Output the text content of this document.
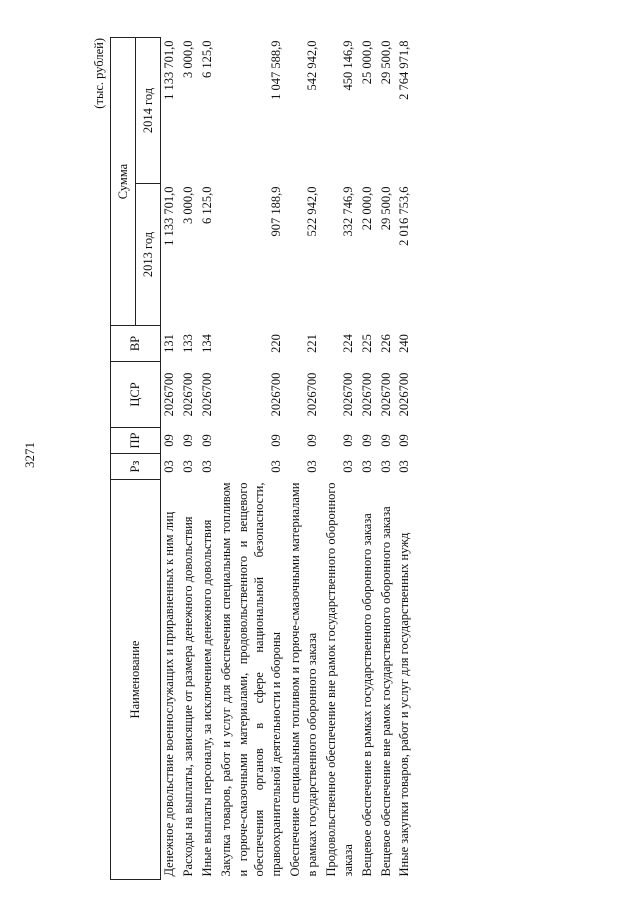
3271
(тыс. рублей)
Наименование	Рз	ПР	ЦСР	ВР	Сумма	
					2013 год	2014 год
Денежное довольствие военнослужащих и приравненных к ним лиц	03	09	2026700	131	1 133 701,0	1 133 701,0
Расходы на выплаты, зависящие от размера денежного довольствия	03	09	2026700	133	3 000,0	3 000,0
Иные выплаты персоналу, за исключением денежного довольствия	03	09	2026700	134	6 125,0	6 125,0
Закупка товаров, работ и услуг для обеспечения специальным топливом и горюче-смазочными материалами, продовольственного и вещевого обеспечения органов в сфере национальной безопасности, правоохранительной деятельности и обороны	03	09	2026700	220	907 188,9	1 047 588,9
Обеспечение специальным топливом и горюче-смазочными материалами в рамках государственного оборонного заказа	03	09	2026700	221	522 942,0	542 942,0
Продовольственное обеспечение вне рамок государственного оборонного заказа	03	09	2026700	224	332 746,9	450 146,9
Вещевое обеспечение в рамках государственного оборонного заказа	03	09	2026700	225	22 000,0	25 000,0
Вещевое обеспечение вне рамок государственного оборонного заказа	03	09	2026700	226	29 500,0	29 500,0
Иные закупки товаров, работ и услуг для государственных нужд	03	09	2026700	240	2 016 753,6	2 764 971,8
